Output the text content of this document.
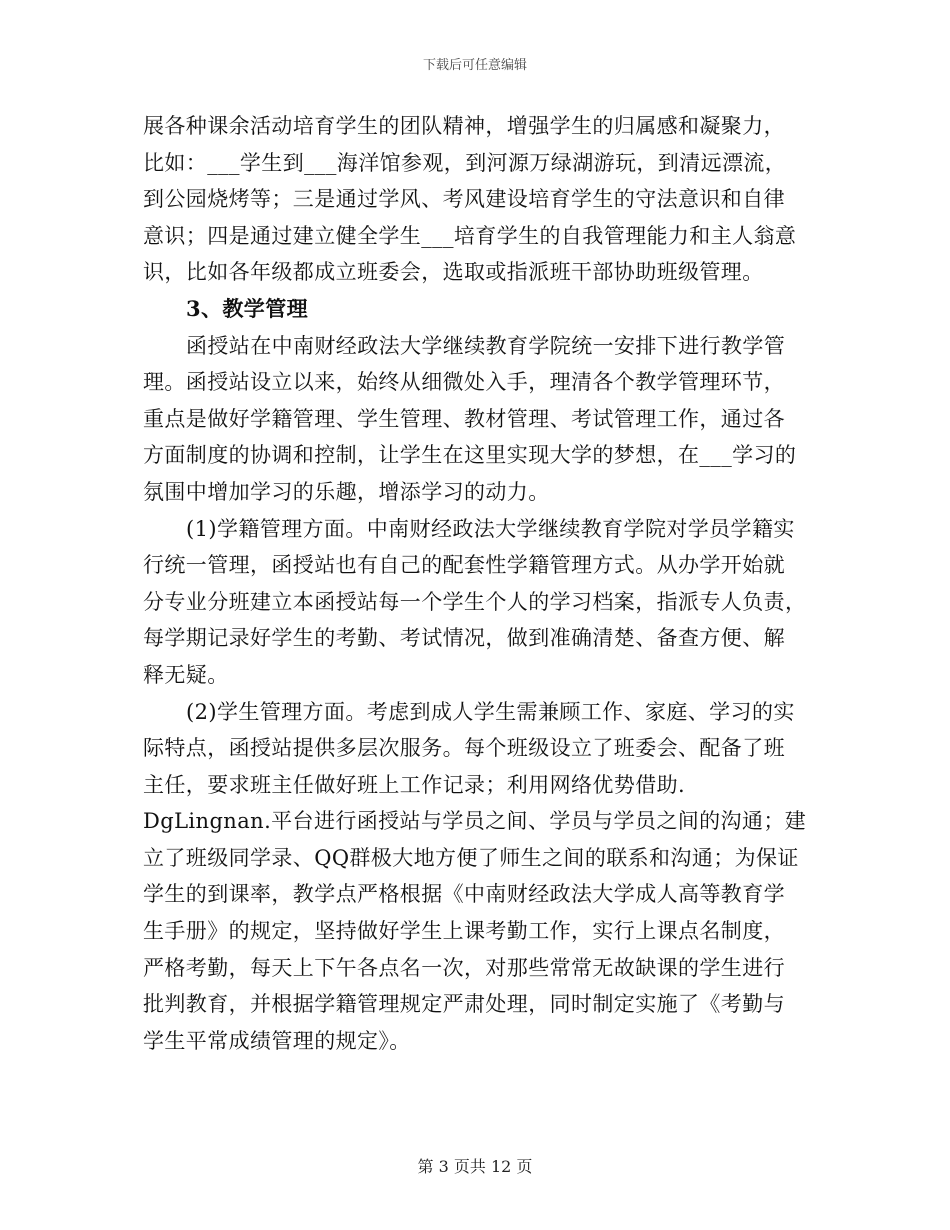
下载后可任意编辑
展各种课余活动培育学生的团队精神，增强学生的归属感和凝聚力，
比如：___学生到___海洋馆参观，到河源万绿湖游玩，到清远漂流，
到公园烧烤等；三是通过学风、考风建设培育学生的守法意识和自律
意识；四是通过建立健全学生___培育学生的自我管理能力和主人翁意
识，比如各年级都成立班委会，选取或指派班干部协助班级管理。
3、教学管理
函授站在中南财经政法大学继续教育学院统一安排下进行教学管
理。函授站设立以来，始终从细微处入手，理清各个教学管理环节，
重点是做好学籍管理、学生管理、教材管理、考试管理工作，通过各
方面制度的协调和控制，让学生在这里实现大学的梦想，在___学习的
氛围中增加学习的乐趣，增添学习的动力。
(1)学籍管理方面。中南财经政法大学继续教育学院对学员学籍实
行统一管理，函授站也有自己的配套性学籍管理方式。从办学开始就
分专业分班建立本函授站每一个学生个人的学习档案，指派专人负责，
每学期记录好学生的考勤、考试情况，做到准确清楚、备查方便、解
释无疑。
(2)学生管理方面。考虑到成人学生需兼顾工作、家庭、学习的实
际特点，函授站提供多层次服务。每个班级设立了班委会、配备了班
主任，要求班主任做好班上工作记录；利用网络优势借助.
DgLingnan.平台进行函授站与学员之间、学员与学员之间的沟通；建
立了班级同学录、QQ群极大地方便了师生之间的联系和沟通；为保证
学生的到课率，教学点严格根据《中南财经政法大学成人高等教育学
生手册》的规定，坚持做好学生上课考勤工作，实行上课点名制度，
严格考勤，每天上下午各点名一次，对那些常常无故缺课的学生进行
批判教育，并根据学籍管理规定严肃处理，同时制定实施了《考勤与
学生平常成绩管理的规定》。
第 3 页共 12 页
